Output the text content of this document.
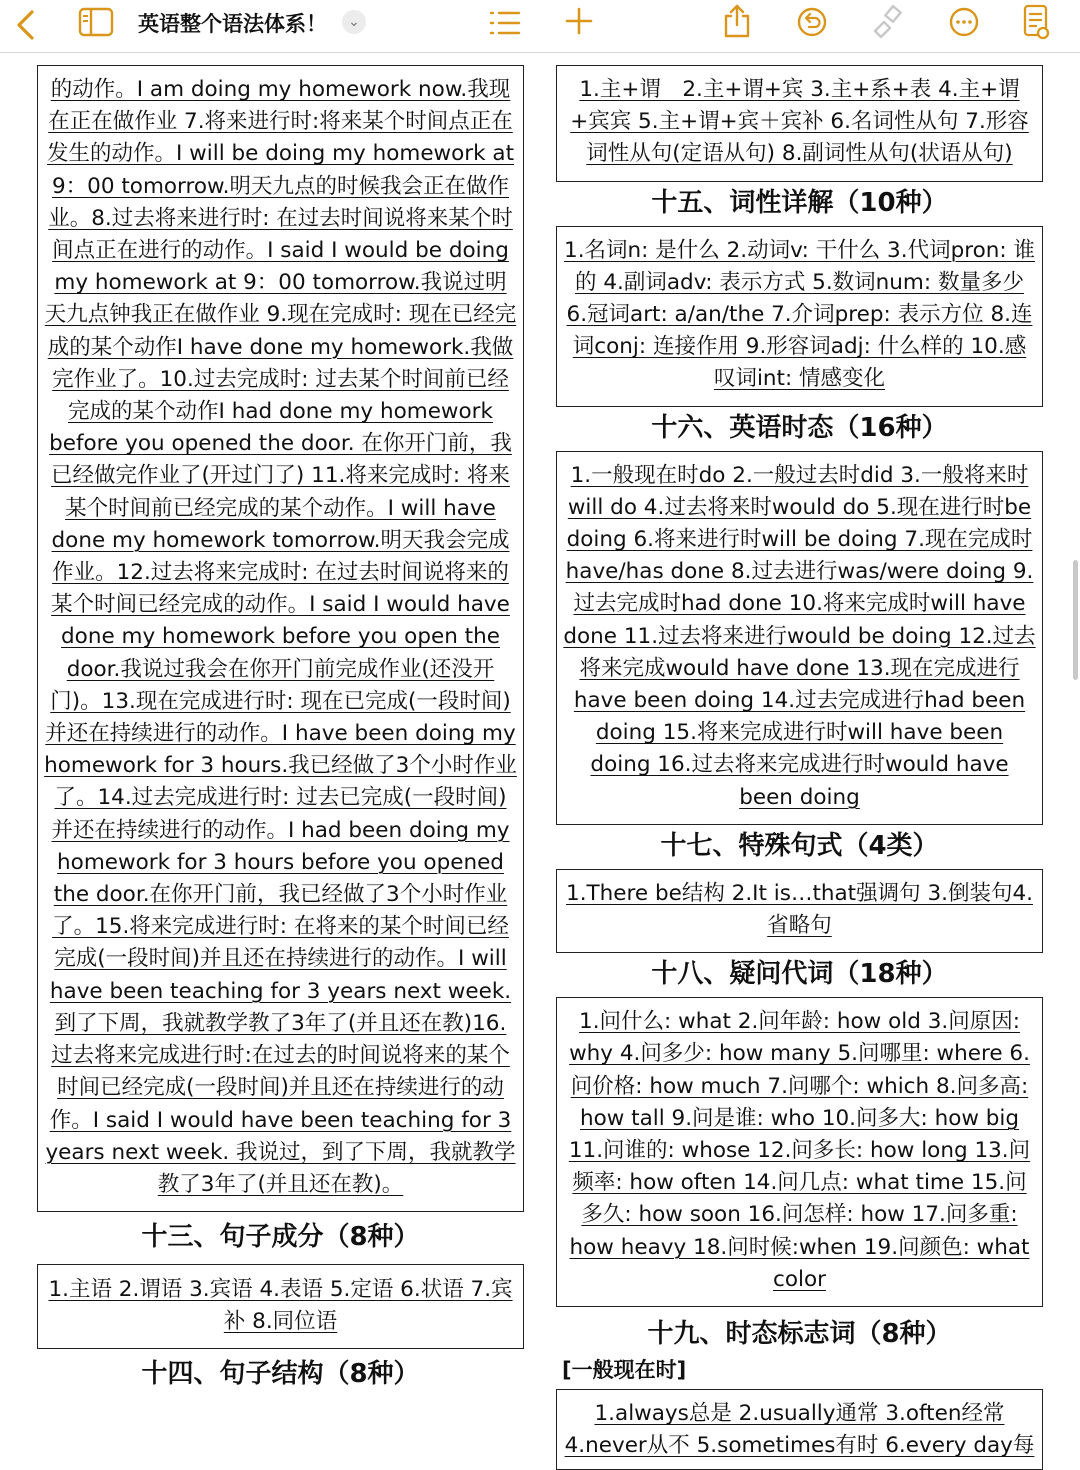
英语整个语法体系！	⌄
的动作。I am doing my homework now.我现在正在做作业 7.将来进行时:将来某个时间点正在发生的动作。I will be doing my homework at 9：00 tomorrow.明天九点的时候我会正在做作业。8.过去将来进行时: 在过去时间说将来某个时间点正在进行的动作。I said I would be doing my homework at 9：00 tomorrow.我说过明天九点钟我正在做作业 9.现在完成时: 现在已经完成的某个动作I have done my homework.我做完作业了。10.过去完成时: 过去某个时间前已经完成的某个动作I had done my homework before you opened the door. 在你开门前，我已经做完作业了(开过门了) 11.将来完成时: 将来某个时间前已经完成的某个动作。I will have done my homework tomorrow.明天我会完成作业。12.过去将来完成时: 在过去时间说将来的某个时间已经完成的动作。I said I would have done my homework before you open the door.我说过我会在你开门前完成作业(还没开门)。13.现在完成进行时: 现在已完成(一段时间)并还在持续进行的动作。I have been doing my homework for 3 hours.我已经做了3个小时作业了。14.过去完成进行时: 过去已完成(一段时间)并还在持续进行的动作。I had been doing my homework for 3 hours before you opened the door.在你开门前，我已经做了3个小时作业了。15.将来完成进行时: 在将来的某个时间已经完成(一段时间)并且还在持续进行的动作。I will have been teaching for 3 years next week. 到了下周，我就教学教了3年了(并且还在教)16.过去将来完成进行时:在过去的时间说将来的某个时间已经完成(一段时间)并且还在持续进行的动作。I said I would have been teaching for 3 years next week. 我说过，到了下周，我就教学教了3年了(并且还在教)。
十三、句子成分（8种）
1.主语 2.谓语 3.宾语 4.表语 5.定语 6.状语 7.宾补 8.同位语
十四、句子结构（8种）
1.主+谓　2.主+谓+宾 3.主+系+表 4.主+谓+宾宾 5.主+谓+宾＋宾补 6.名词性从句 7.形容词性从句(定语从句) 8.副词性从句(状语从句)
十五、词性详解（10种）
1.名词n: 是什么 2.动词v: 干什么 3.代词pron: 谁的 4.副词adv: 表示方式 5.数词num: 数量多少 6.冠词art: a/an/the 7.介词prep: 表示方位 8.连词conj: 连接作用 9.形容词adj: 什么样的 10.感叹词int: 情感变化
十六、英语时态（16种）
1.一般现在时do 2.一般过去时did 3.一般将来时will do 4.过去将来时would do 5.现在进行时be doing 6.将来进行时will be doing 7.现在完成时have/has done 8.过去进行was/were doing 9.过去完成时had done 10.将来完成时will have done 11.过去将来进行would be doing 12.过去将来完成would have done 13.现在完成进行have been doing 14.过去完成进行had been doing 15.将来完成进行时will have been doing 16.过去将来完成进行时would have been doing
十七、特殊句式（4类）
1.There be结构 2.It is…that强调句 3.倒装句4.省略句
十八、疑问代词（18种）
1.问什么: what 2.问年龄: how old 3.问原因: why 4.问多少: how many 5.问哪里: where 6.问价格: how much 7.问哪个: which 8.问多高: how tall 9.问是谁: who 10.问多大: how big 11.问谁的: whose 12.问多长: how long 13.问频率: how often 14.问几点: what time 15.问多久: how soon 16.问怎样: how 17.问多重: how heavy 18.问时候:when 19.问颜色: what color
十九、时态标志词（8种）
[一般现在时]
1.always总是 2.usually通常 3.often经常 4.never从不 5.sometimes有时 6.every day每
